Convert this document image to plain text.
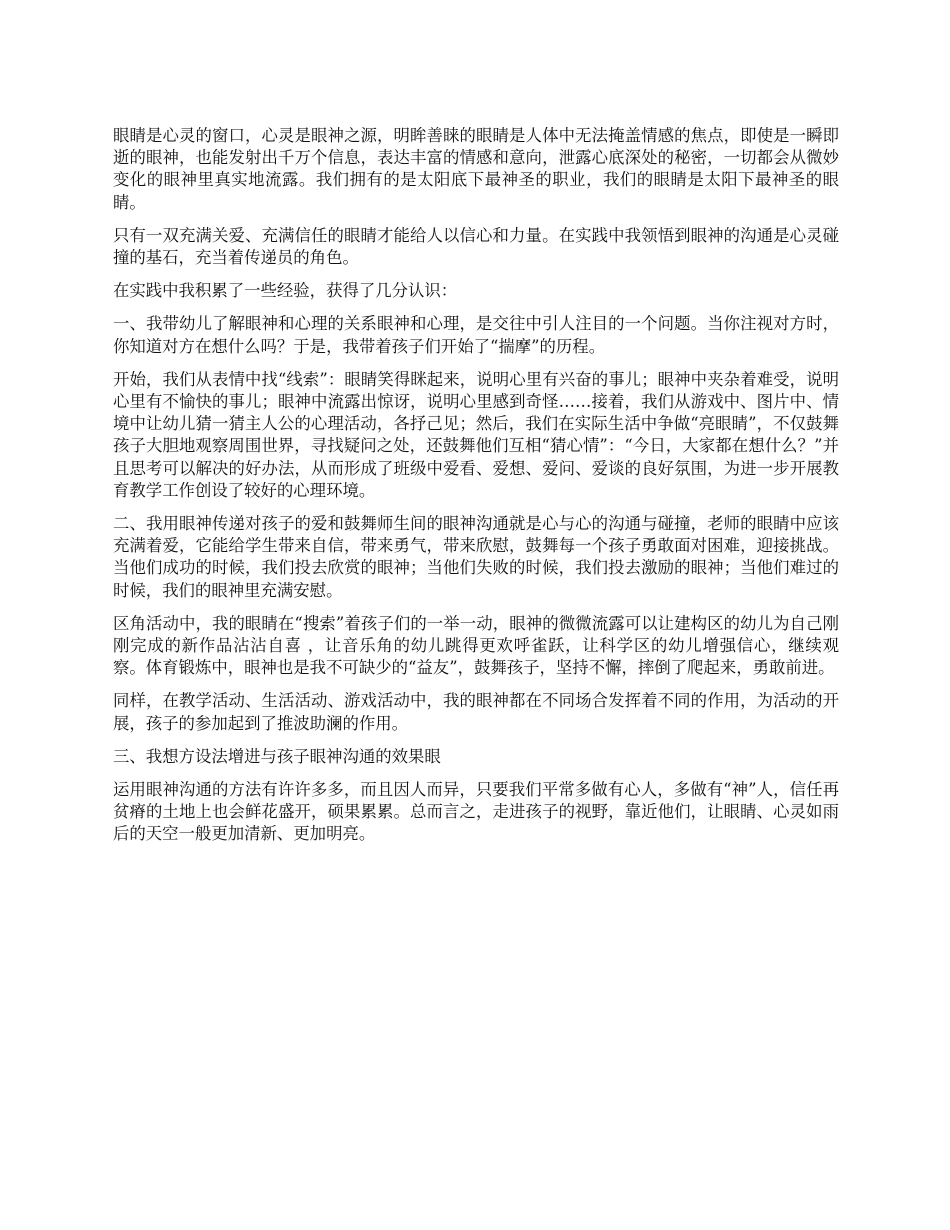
眼睛是心灵的窗口，心灵是眼神之源，明眸善睐的眼睛是人体中无法掩盖情感的焦点，即使是一瞬即逝的眼神，也能发射出千万个信息，表达丰富的情感和意向，泄露心底深处的秘密，一切都会从微妙变化的眼神里真实地流露。我们拥有的是太阳底下最神圣的职业，我们的眼睛是太阳下最神圣的眼睛。

只有一双充满关爱、充满信任的眼睛才能给人以信心和力量。在实践中我领悟到眼神的沟通是心灵碰撞的基石，充当着传递员的角色。

在实践中我积累了一些经验，获得了几分认识：

一、我带幼儿了解眼神和心理的关系眼神和心理，是交往中引人注目的一个问题。当你注视对方时，你知道对方在想什么吗？于是，我带着孩子们开始了“揣摩”的历程。

开始，我们从表情中找“线索”：眼睛笑得眯起来，说明心里有兴奋的事儿；眼神中夹杂着难受，说明心里有不愉快的事儿；眼神中流露出惊讶，说明心里感到奇怪……接着，我们从游戏中、图片中、情境中让幼儿猜一猜主人公的心理活动，各抒己见；然后，我们在实际生活中争做“亮眼睛”，不仅鼓舞孩子大胆地观察周围世界，寻找疑问之处，还鼓舞他们互相“猜心情”：“今日，大家都在想什么？”并且思考可以解决的好办法，从而形成了班级中爱看、爱想、爱问、爱谈的良好氛围，为进一步开展教育教学工作创设了较好的心理环境。

二、我用眼神传递对孩子的爱和鼓舞师生间的眼神沟通就是心与心的沟通与碰撞，老师的眼睛中应该充满着爱，它能给学生带来自信，带来勇气，带来欣慰，鼓舞每一个孩子勇敢面对困难，迎接挑战。当他们成功的时候，我们投去欣赏的眼神；当他们失败的时候，我们投去激励的眼神；当他们难过的时候，我们的眼神里充满安慰。

区角活动中，我的眼睛在“搜索”着孩子们的一举一动，眼神的微微流露可以让建构区的幼儿为自己刚刚完成的新作品沾沾自喜 ，让音乐角的幼儿跳得更欢呼雀跃，让科学区的幼儿增强信心，继续观察。体育锻炼中，眼神也是我不可缺少的“益友”，鼓舞孩子，坚持不懈，摔倒了爬起来，勇敢前进。

同样，在教学活动、生活活动、游戏活动中，我的眼神都在不同场合发挥着不同的作用，为活动的开展，孩子的参加起到了推波助澜的作用。

三、我想方设法增进与孩子眼神沟通的效果眼

运用眼神沟通的方法有许许多多，而且因人而异，只要我们平常多做有心人，多做有“神”人，信任再贫瘠的土地上也会鲜花盛开，硕果累累。总而言之，走进孩子的视野，靠近他们，让眼睛、心灵如雨后的天空一般更加清新、更加明亮。
